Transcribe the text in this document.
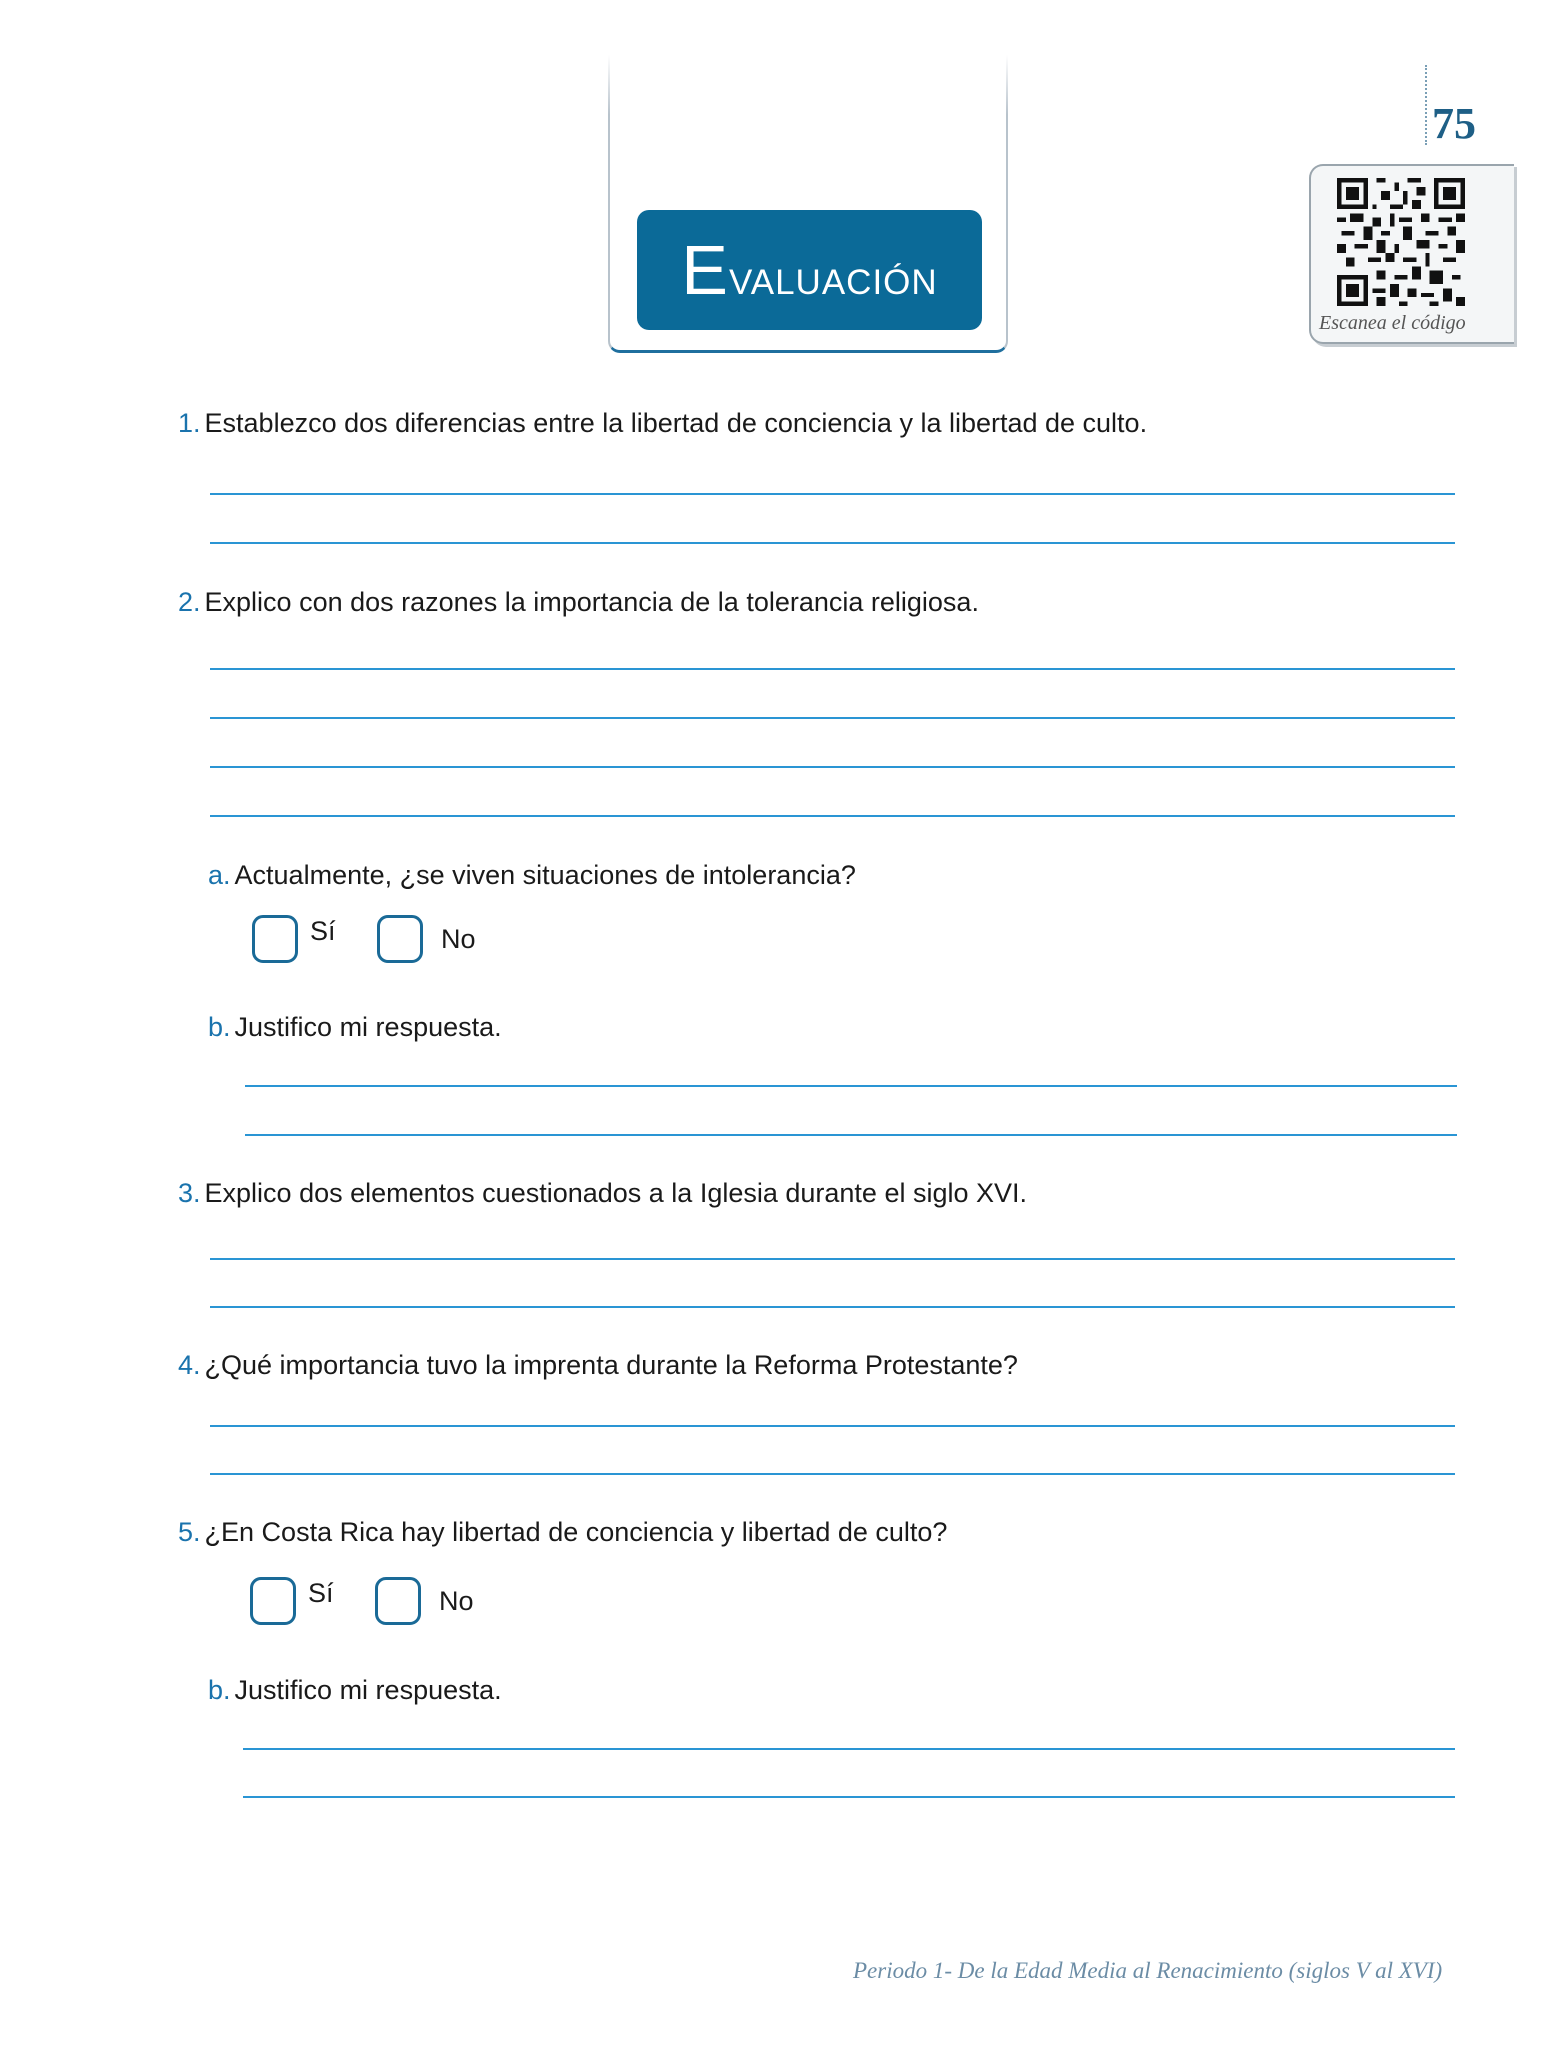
Evaluación
75
Escanea el código
1. Establezco dos diferencias entre la libertad de conciencia y la libertad de culto.
2. Explico con dos razones la importancia de la tolerancia religiosa.
a. Actualmente, ¿se viven situaciones de intolerancia?
Sí	No
b. Justifico mi respuesta.
3. Explico dos elementos cuestionados a la Iglesia durante el siglo XVI.
4. ¿Qué importancia tuvo la imprenta durante la Reforma Protestante?
5. ¿En Costa Rica hay libertad de conciencia y libertad de culto?
Sí	No
b. Justifico mi respuesta.
Periodo 1- De la Edad Media al Renacimiento (siglos V al XVI)
